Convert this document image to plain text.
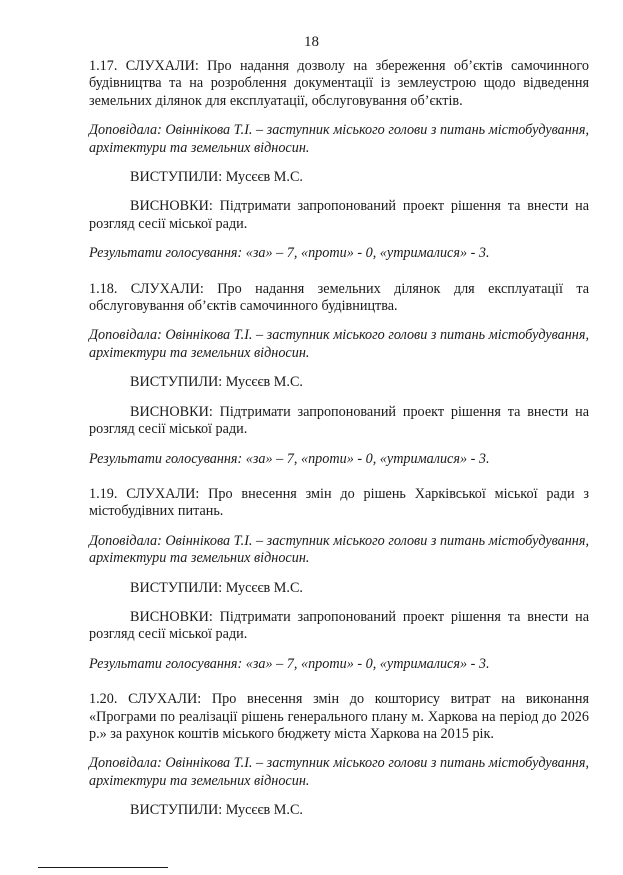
18

1.17. СЛУХАЛИ: Про надання дозволу на збереження об’єктів самочинного будівництва та на розроблення документації із землеустрою щодо відведення земельних ділянок для експлуатації, обслуговування об’єктів.

Доповідала: Овіннікова Т.І. – заступник міського голови з питань містобудування, архітектури та земельних відносин.

ВИСТУПИЛИ: Мусєєв М.С.

ВИСНОВКИ: Підтримати запропонований проект рішення та внести на розгляд сесії міської ради.

Результати голосування: «за» – 7, «проти» - 0, «утрималися» - 3.

1.18. СЛУХАЛИ: Про надання земельних ділянок для експлуатації та обслуговування об’єктів самочинного будівництва.

Доповідала: Овіннікова Т.І. – заступник міського голови з питань містобудування, архітектури та земельних відносин.

ВИСТУПИЛИ: Мусєєв М.С.

ВИСНОВКИ: Підтримати запропонований проект рішення та внести на розгляд сесії міської ради.

Результати голосування: «за» – 7, «проти» - 0, «утрималися» - 3.

1.19. СЛУХАЛИ: Про внесення змін до рішень Харківської міської ради з містобудівних питань.

Доповідала: Овіннікова Т.І. – заступник міського голови з питань містобудування, архітектури та земельних відносин.

ВИСТУПИЛИ: Мусєєв М.С.

ВИСНОВКИ: Підтримати запропонований проект рішення та внести на розгляд сесії міської ради.

Результати голосування: «за» – 7, «проти» - 0, «утрималися» - 3.

1.20. СЛУХАЛИ: Про внесення змін до кошторису витрат на виконання «Програми по реалізації рішень генерального плану м. Харкова на період до 2026 р.» за рахунок коштів міського бюджету міста Харкова на 2015 рік.

Доповідала: Овіннікова Т.І. – заступник міського голови з питань містобудування, архітектури та земельних відносин.

ВИСТУПИЛИ: Мусєєв М.С.
